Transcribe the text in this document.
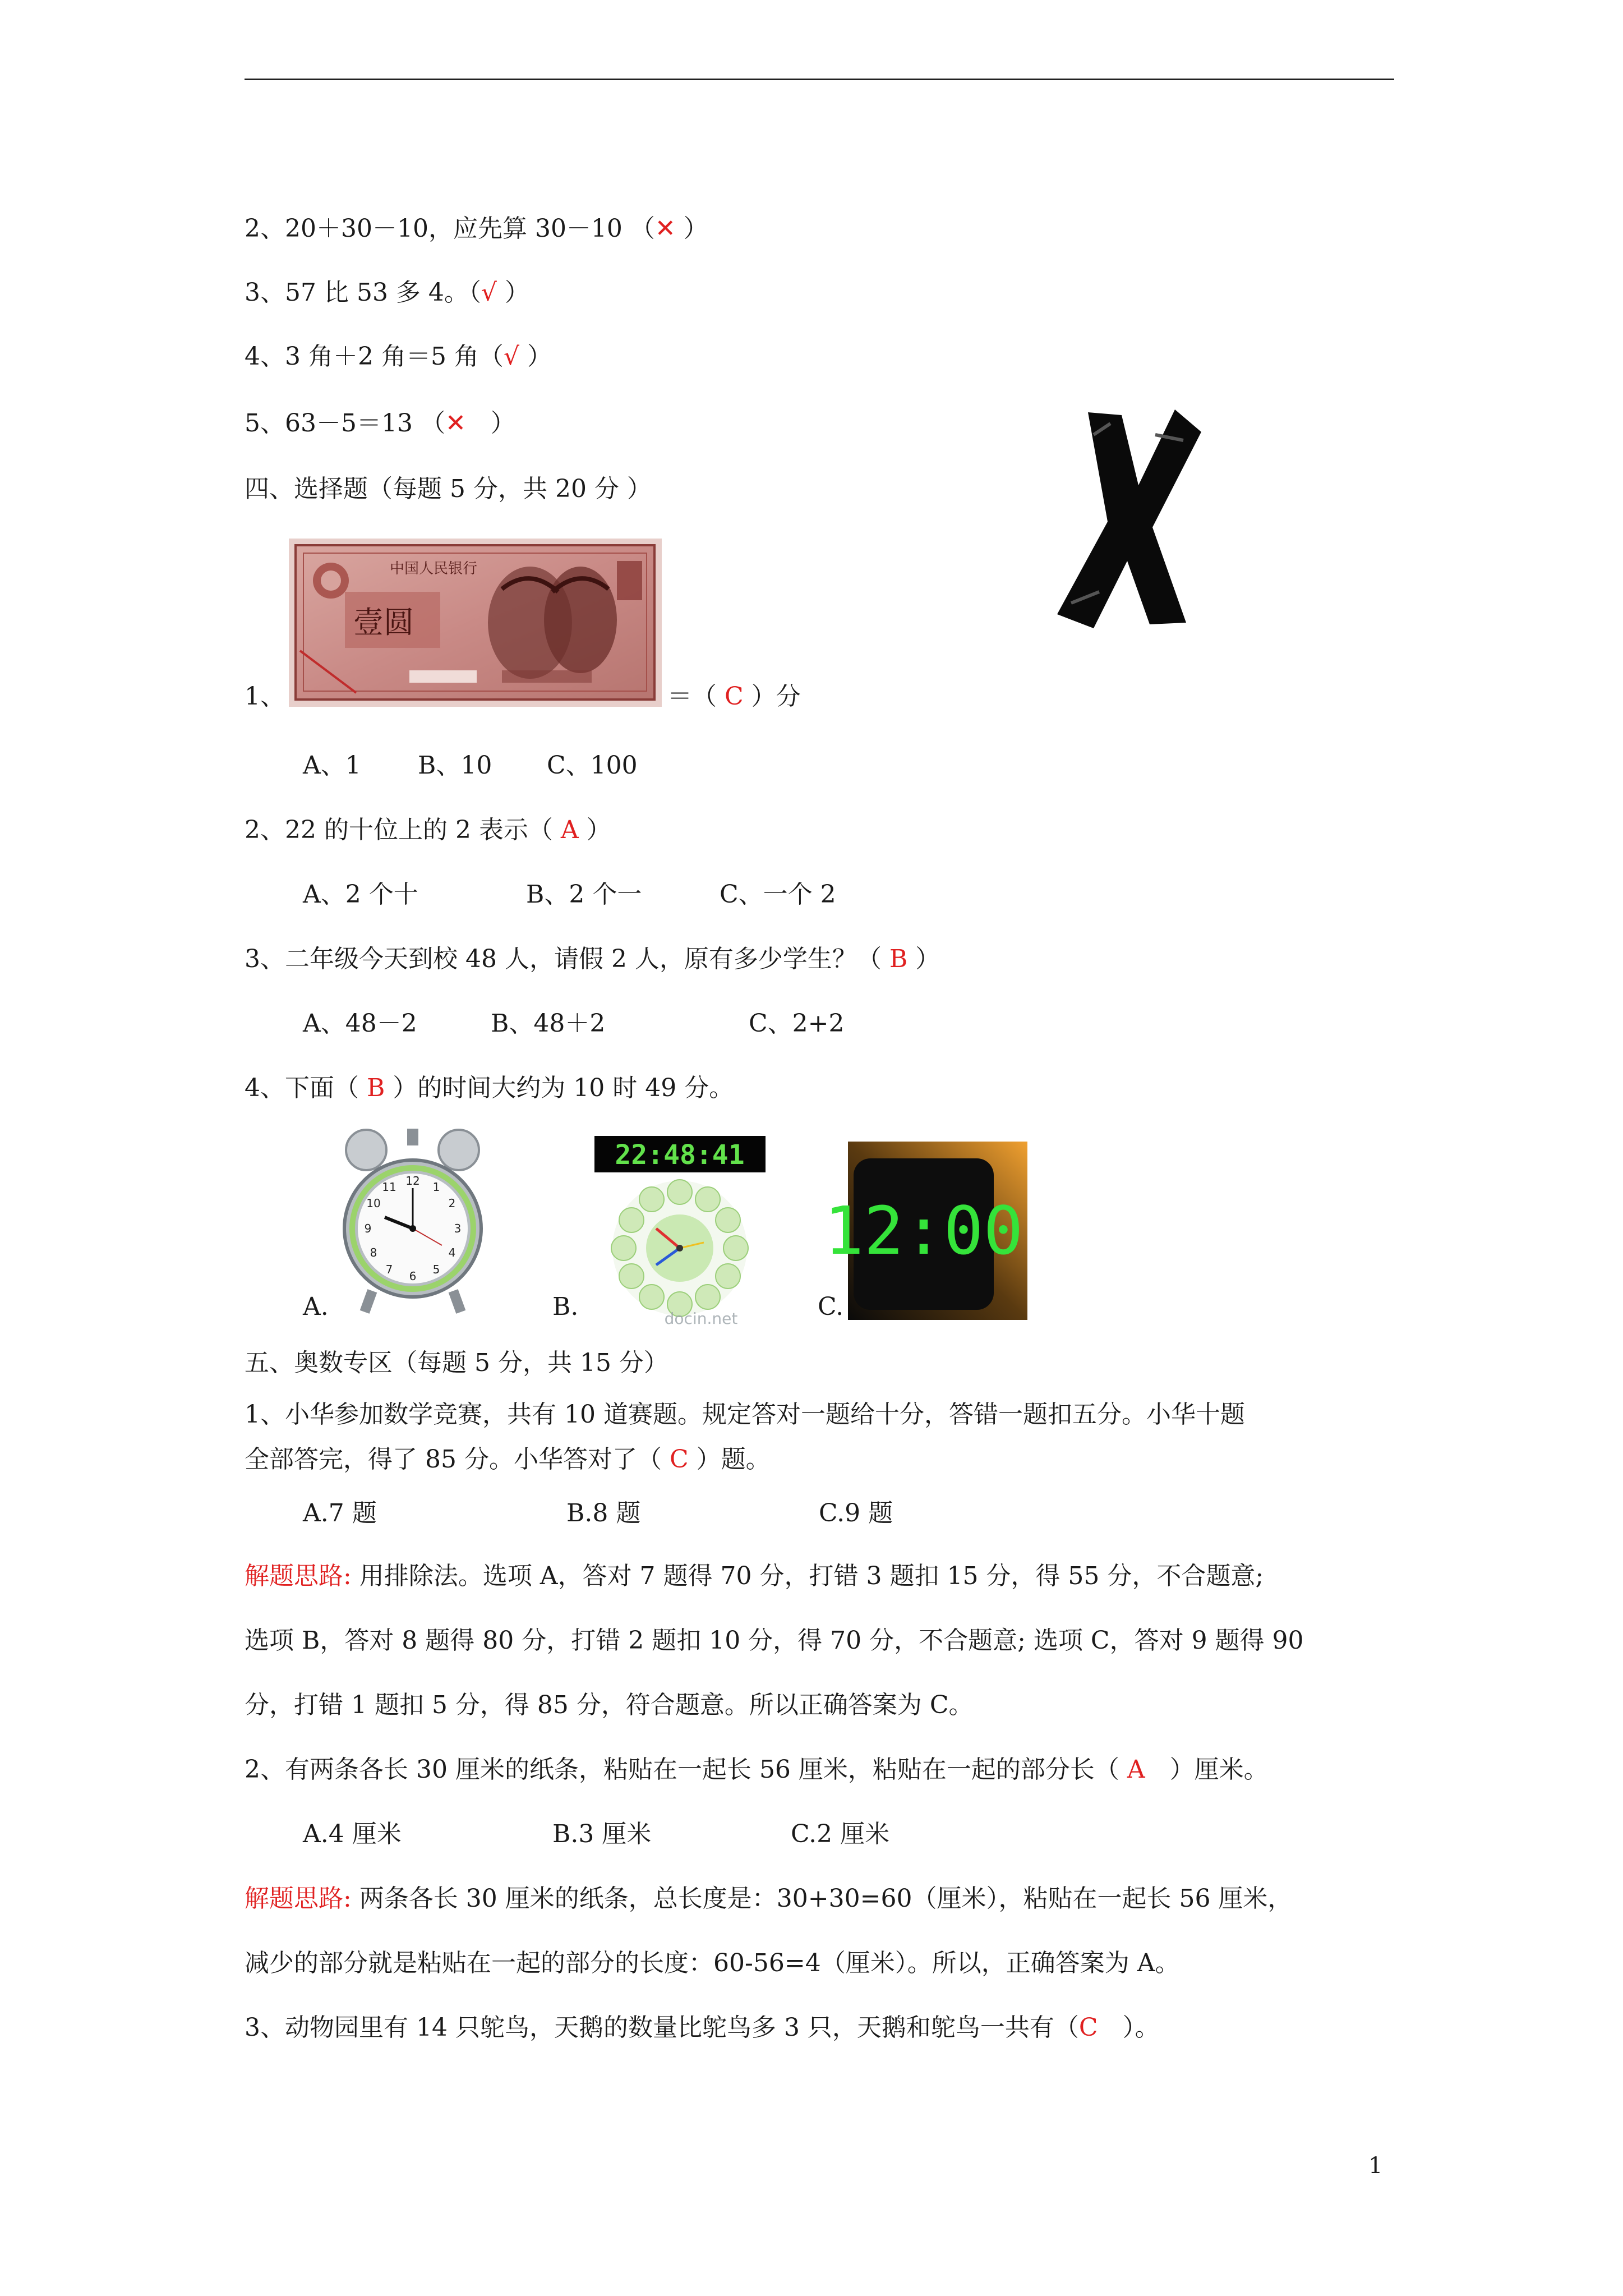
2、20＋30－10，应先算 30－10 （✕ ）
3、57 比 53 多 4。（√ ）
4、3 角＋2 角＝5 角（√ ）
5、63－5＝13 （✕　）
四、选择题（每题 5 分，共 20 分 ）
中国人民银行
壹圆
1、	＝（ C ）分
A、1 B、10 C、100
2、22 的十位上的 2 表示（ A ）
A、2 个十	B、2 个一	C、一个 2
3、二年级今天到校 48 人，请假 2 人，原有多少学生？（ B ）
A、48－2	B、48＋2	C、2+2
4、下面（ B ）的时间大约为 10 时 49 分。
12 1
2
3
4
5
6
7
8
9
10
11
A.
22:48:41
docin.net
B.
12:00
C.
五、奥数专区（每题 5 分，共 15 分）
1、小华参加数学竞赛，共有 10 道赛题。规定答对一题给十分，答错一题扣五分。小华十题
全部答完，得了 85 分。小华答对了（ C ）题。
A.7 题	B.8 题	C.9 题
解题思路: 用排除法。选项 A，答对 7 题得 70 分，打错 3 题扣 15 分，得 55 分，不合题意;
选项 B，答对 8 题得 80 分，打错 2 题扣 10 分，得 70 分，不合题意; 选项 C，答对 9 题得 90
分，打错 1 题扣 5 分，得 85 分，符合题意。所以正确答案为 C。
2、有两条各长 30 厘米的纸条，粘贴在一起长 56 厘米，粘贴在一起的部分长（ A　）厘米。
A.4 厘米	B.3 厘米	C.2 厘米
解题思路: 两条各长 30 厘米的纸条，总长度是：30+30=60（厘米），粘贴在一起长 56 厘米，
减少的部分就是粘贴在一起的部分的长度：60-56=4（厘米）。所以，正确答案为 A。
3、动物园里有 14 只鸵鸟，天鹅的数量比鸵鸟多 3 只，天鹅和鸵鸟一共有（C　）。
1
